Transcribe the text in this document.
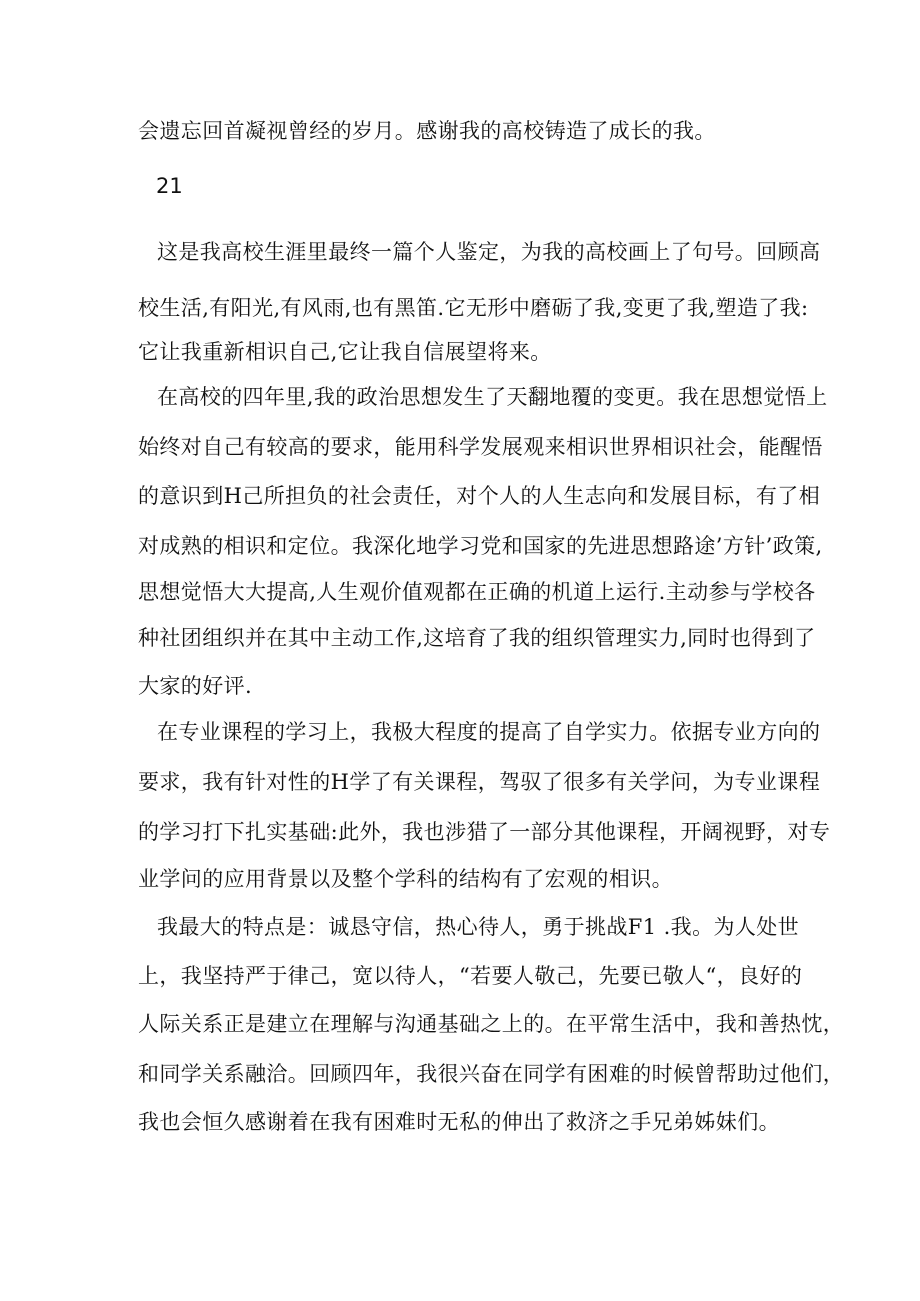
会遗忘回首凝视曾经的岁月。感谢我的高校铸造了成长的我。
21
这是我高校生涯里最终一篇个人鉴定，为我的高校画上了句号。回顾高
校生活,有阳光,有风雨,也有黑笛.它无形中磨砺了我,变更了我,塑造了我:
它让我重新相识自己,它让我自信展望将来。
在高校的四年里,我的政治思想发生了天翻地覆的变更。我在思想觉悟上
始终对自己有较高的要求，能用科学发展观来相识世界相识社会，能醒悟
的意识到H己所担负的社会责任，对个人的人生志向和发展目标，有了相
对成熟的相识和定位。我深化地学习党和国家的先进思想路途’方针’政策,
思想觉悟大大提高,人生观价值观都在正确的机道上运行.主动参与学校各
种社团组织并在其中主动工作,这培育了我的组织管理实力,同时也得到了
大家的好评.
在专业课程的学习上，我极大程度的提高了自学实力。依据专业方向的
要求，我有针对性的H学了有关课程，驾驭了很多有关学问，为专业课程
的学习打下扎实基础:此外，我也涉猎了一部分其他课程，开阔视野，对专
业学问的应用背景以及整个学科的结构有了宏观的相识。
我最大的特点是：诚恳守信，热心待人，勇于挑战F1 .我。为人处世
上，我坚持严于律己，宽以待人，“若要人敬己，先要已敬人“，良好的
人际关系正是建立在理解与沟通基础之上的。在平常生活中，我和善热忱，
和同学关系融洽。回顾四年，我很兴奋在同学有困难的时候曾帮助过他们，
我也会恒久感谢着在我有困难时无私的伸出了救济之手兄弟姊妹们。
